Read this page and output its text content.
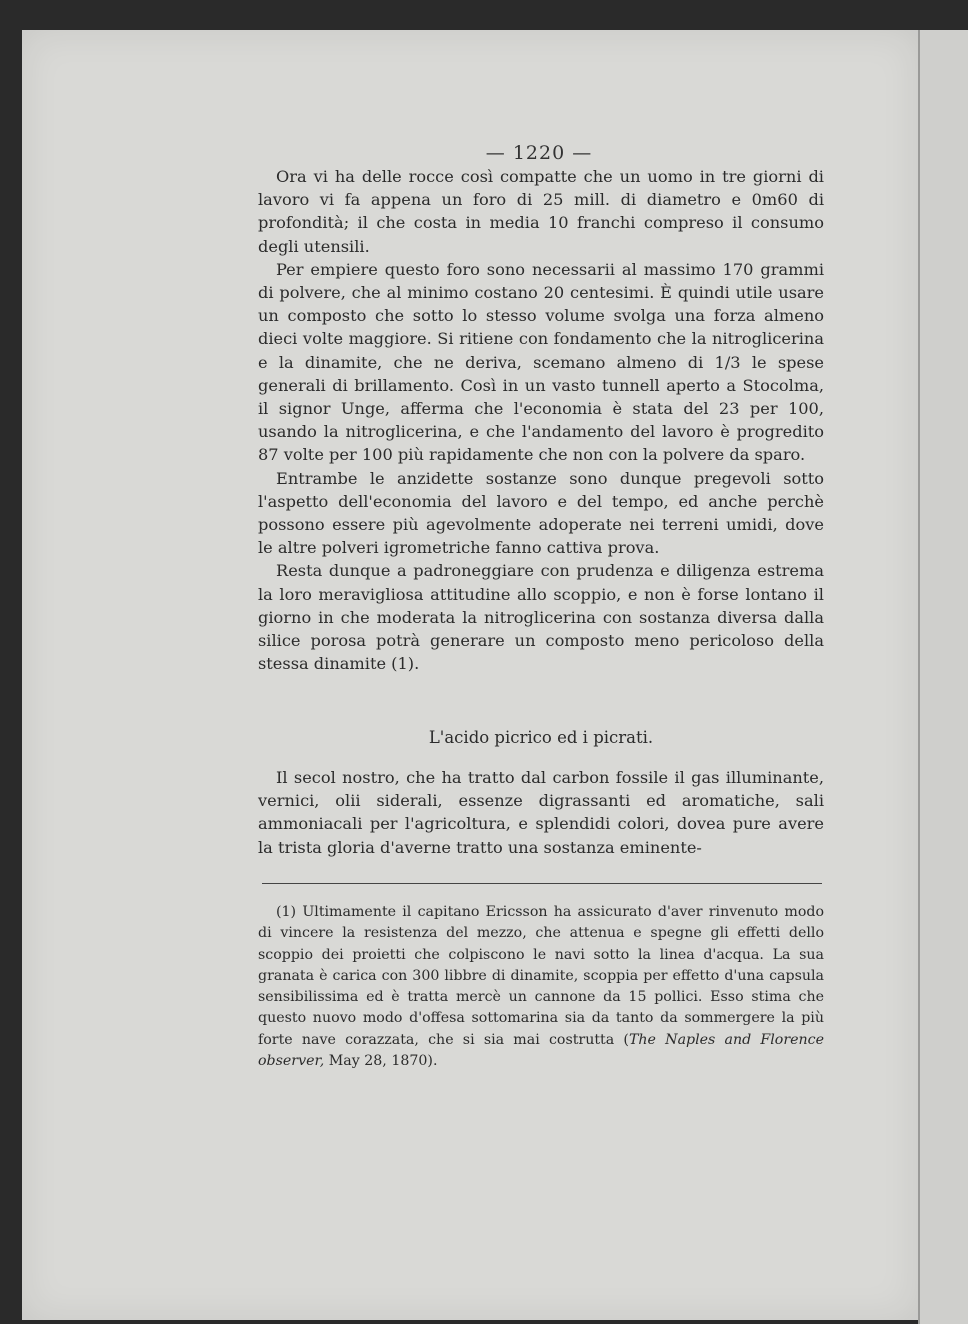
— 1220 —

Ora vi ha delle rocce così compatte che un uomo in tre giorni di lavoro vi fa appena un foro di 25 mill. di diametro e 0m60 di profondità; il che costa in media 10 franchi compreso il consumo degli utensili.

Per empiere questo foro sono necessarii al massimo 170 grammi di polvere, che al minimo costano 20 centesimi. È quindi utile usare un composto che sotto lo stesso volume svolga una forza almeno dieci volte maggiore. Si ritiene con fondamento che la nitroglicerina e la dinamite, che ne deriva, scemano almeno di 1/3 le spese generali di brillamento. Così in un vasto tunnell aperto a Stocolma, il signor Unge, afferma che l'economia è stata del 23 per 100, usando la nitroglicerina, e che l'andamento del lavoro è progredito 87 volte per 100 più rapidamente che non con la polvere da sparo.

Entrambe le anzidette sostanze sono dunque pregevoli sotto l'aspetto dell'economia del lavoro e del tempo, ed anche perchè possono essere più agevolmente adoperate nei terreni umidi, dove le altre polveri igrometriche fanno cattiva prova.

Resta dunque a padroneggiare con prudenza e diligenza estrema la loro meravigliosa attitudine allo scoppio, e non è forse lontano il giorno in che moderata la nitroglicerina con sostanza diversa dalla silice porosa potrà generare un composto meno pericoloso della stessa dinamite (1).

L'acido picrico ed i picrati.

Il secol nostro, che ha tratto dal carbon fossile il gas illuminante, vernici, olii siderali, essenze digrassanti ed aromatiche, sali ammoniacali per l'agricoltura, e splendidi colori, dovea pure avere la trista gloria d'averne tratto una sostanza eminente-

(1) Ultimamente il capitano Ericsson ha assicurato d'aver rinvenuto modo di vincere la resistenza del mezzo, che attenua e spegne gli effetti dello scoppio dei proietti che colpiscono le navi sotto la linea d'acqua. La sua granata è carica con 300 libbre di dinamite, scoppia per effetto d'una capsula sensibilissima ed è tratta mercè un cannone da 15 pollici. Esso stima che questo nuovo modo d'offesa sottomarina sia da tanto da sommergere la più forte nave corazzata, che si sia mai costrutta (The Naples and Florence observer, May 28, 1870).
